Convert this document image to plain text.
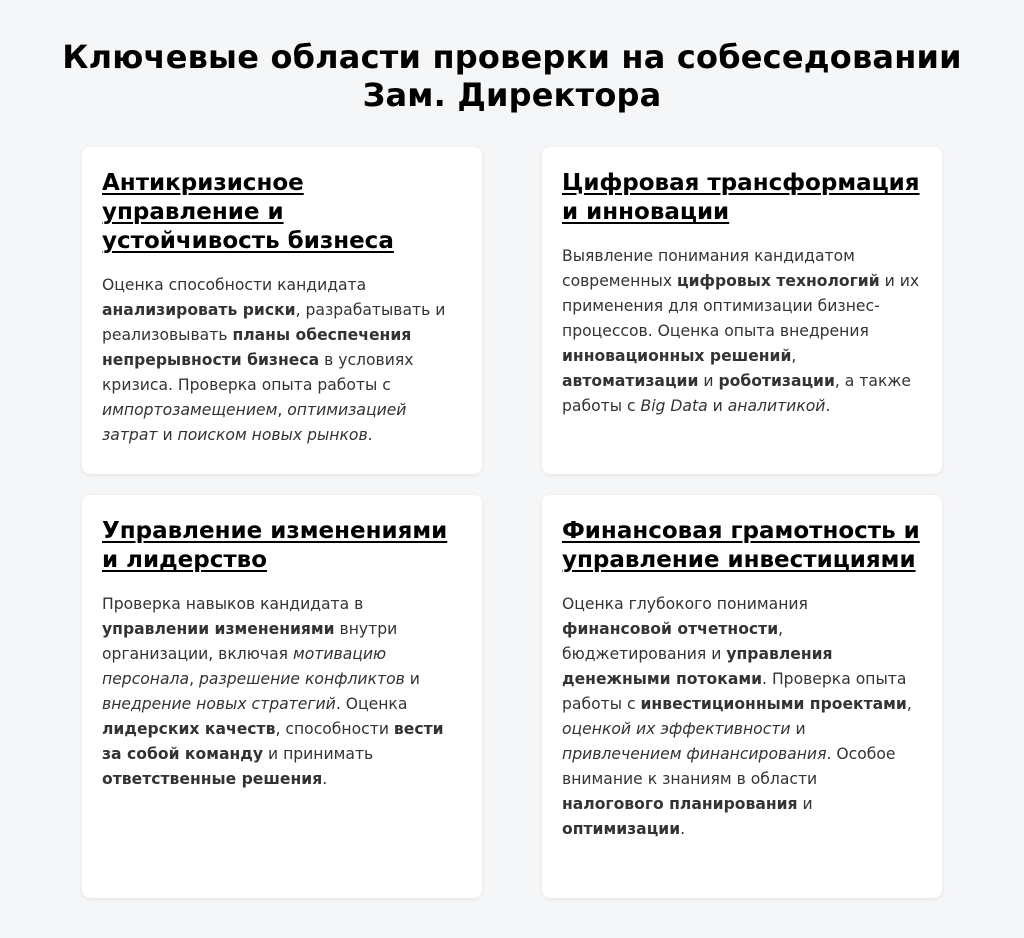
Ключевые области проверки на собеседовании
Зам. Директора
Антикризисное управление и устойчивость бизнеса

Оценка способности кандидата анализировать риски, разрабатывать и реализовывать планы обеспечения непрерывности бизнеса в условиях кризиса. Проверка опыта работы с импортозамещением, оптимизацией затрат и поиском новых рынков.

Цифровая трансформация и инновации

Выявление понимания кандидатом современных цифровых технологий и их применения для оптимизации бизнес-процессов. Оценка опыта внедрения инновационных решений, автоматизации и роботизации, а также работы с Big Data и аналитикой.

Управление изменениями и лидерство

Проверка навыков кандидата в управлении изменениями внутри организации, включая мотивацию персонала, разрешение конфликтов и внедрение новых стратегий. Оценка лидерских качеств, способности вести за собой команду и принимать ответственные решения.

Финансовая грамотность и управление инвестициями

Оценка глубокого понимания финансовой отчетности, бюджетирования и управления денежными потоками. Проверка опыта работы с инвестиционными проектами, оценкой их эффективности и привлечением финансирования. Особое внимание к знаниям в области налогового планирования и оптимизации.
